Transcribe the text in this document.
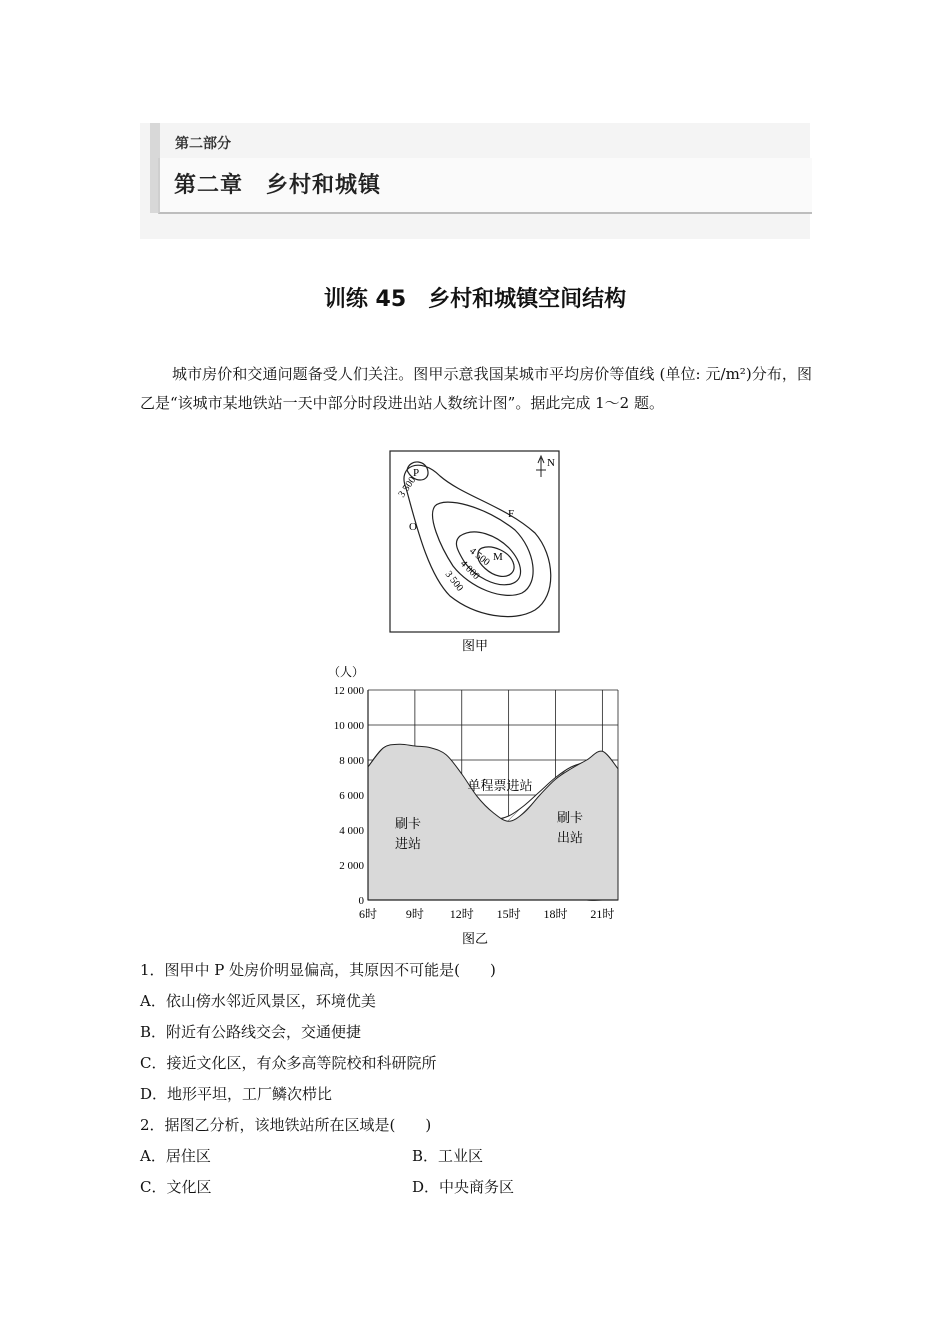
第二部分
第二章　乡村和城镇
训练 45　乡村和城镇空间结构
城市房价和交通问题备受人们关注。图甲示意我国某城市平均房价等值线 (单位: 元/m²)分布，图乙是“该城市某地铁站一天中部分时段进出站人数统计图”。据此完成 1～2 题。
N
P
O
F
M
3 500
4 500
4 000
3 500
图甲
（人）
单程票进站
刷卡
进站
刷卡
出站
图乙
0
2 000
4 000
6 000
8 000
10 000
12 000
6时 9时 12时 15时 18时 21时
1．图甲中 P 处房价明显偏高，其原因不可能是(　　)
A．依山傍水邻近风景区，环境优美
B．附近有公路线交会，交通便捷
C．接近文化区，有众多高等院校和科研院所
D．地形平坦，工厂鳞次栉比
2．据图乙分析，该地铁站所在区域是(　　)
A．居住区	B．工业区
C．文化区	D．中央商务区
